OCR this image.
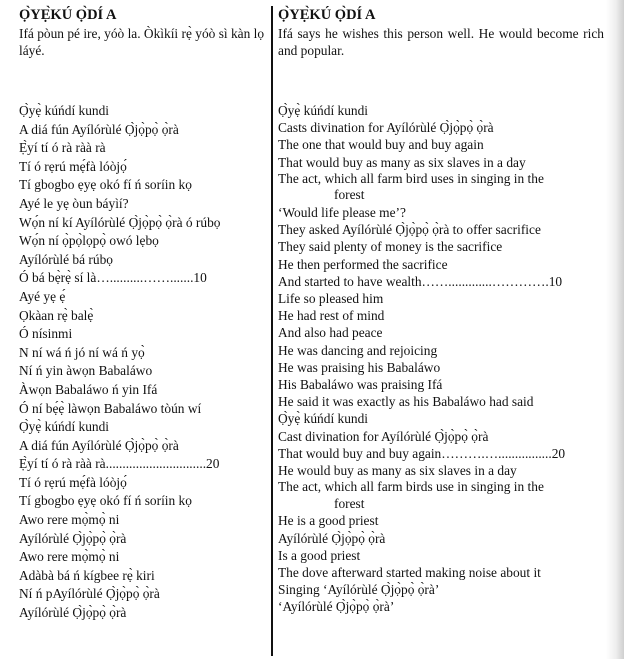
Ọ̀YẸ̀KÚ Ọ̀DÍ A

Ifá pòun pé ire, yóò la. Òkìkíi rẹ̀ yóò sì kàn lọ láyé.

Ọ̀yẹ̀ kúńdí kundi
A diá fún Ayílórùlé Ọ̀jọ̀pọ̀ ọ̀rà
Ẹ̀yí tí ó rà ràà rà
Tí ó rẹrú mẹ́fà lóòjọ́
Tí gbogbo ẹyẹ okó fí ń soríin kọ
Ayé le yẹ òun báyìí?
Wọ́n ní kí Ayílórùlé Ọ̀jọ̀pọ̀ ọ̀rà ó rúbọ
Wọ́n ní ọ̀pọ̀lọpọ̀ owó lẹbọ
Ayílórùlé bá rúbọ
Ó bá bẹ̀rẹ̀ sí là…..........…….......10
Ayé yẹ ẹ́
Ọkàan rẹ̀ balẹ̀
Ó nísinmi
N ní wá ń jó ní wá ń yọ̀
Ní ń yin àwọn Babaláwo
Àwọn Babaláwo ń yin Ifá
Ó ní bẹ́ẹ̀ làwọn Babaláwo tòún wí
Ọ̀yẹ̀ kúńdí kundi
A diá fún Ayílórùlé Ọ̀jọ̀pọ̀ ọ̀rà
Ẹ̀yí tí ó rà ràà rà..............................20
Tí ó rẹrú mẹ́fà lóòjọ́
Tí gbogbo ẹyẹ okó fí ń soríin kọ
Awo rere mọ̀mọ̀ ni
Ayílórùlé Ọ̀jọ̀pọ̀ ọ̀rà
Awo rere mọ̀mọ̀ ni
Adàbà bá ń kígbee rẹ̀ kiri
Ní ń pAyílórùlé Ọ̀jọ̀pọ̀ ọ̀rà
Ayílórùlé Ọ̀jọ̀pọ̀ ọ̀rà

Ọ̀YẸ̀KÚ Ọ̀DÍ A

Ifá says he wishes this person well. He would become rich and popular.

Ọ̀yẹ̀ kúńdí kundi
Casts divination for Ayílórùlé Ọ̀jọ̀pọ̀ ọ̀rà
The one that would buy and buy again
That would buy as many as six slaves in a day
The act, which all farm bird uses in singing in the
forest
‘Would life please me’?
They asked Ayílórùlé Ọ̀jọ̀pọ̀ ọ̀rà to offer sacrifice
They said plenty of money is the sacrifice
He then performed the sacrifice
And started to have wealth…….............………….10
Life so pleased him
He had rest of mind
And also had peace
He was dancing and rejoicing
He was praising his Babaláwo
His Babaláwo was praising Ifá
He said it was exactly as his Babaláwo had said
Ọ̀yẹ̀ kúńdí kundi
Cast divination for Ayílórùlé Ọ̀jọ̀pọ̀ ọ̀rà
That would buy and buy again……….…................20
He would buy as many as six slaves in a day
The act, which all farm birds use in singing in the
forest
He is a good priest
Ayílórùlé Ọ̀jọ̀pọ̀ ọ̀rà
Is a good priest
The dove afterward started making noise about it
Singing ‘Ayílórùlé Ọ̀jọ̀pọ̀ ọ̀rà’
‘Ayílórùlé Ọ̀jọ̀pọ̀ ọ̀rà’
